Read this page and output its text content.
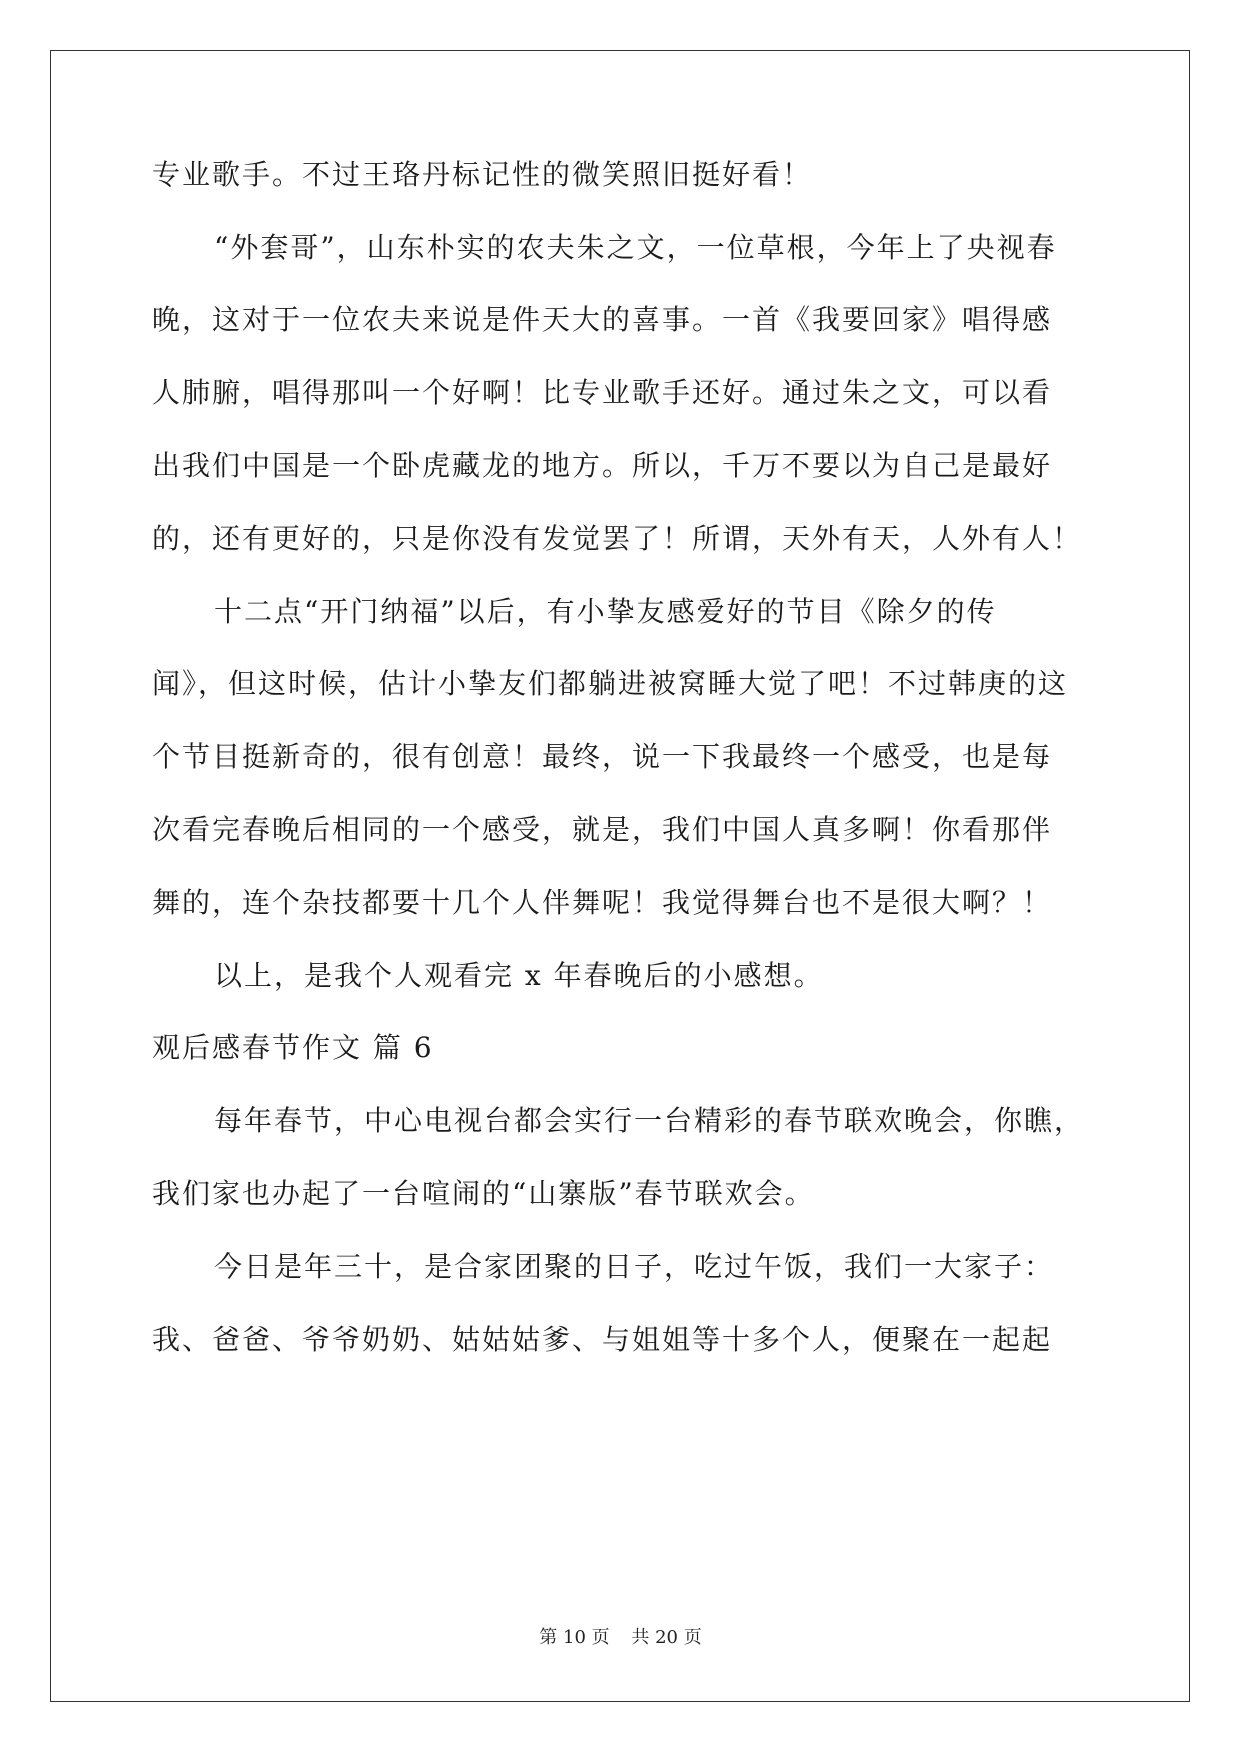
专业歌手。不过王珞丹标记性的微笑照旧挺好看！
“外套哥”，山东朴实的农夫朱之文，一位草根，今年上了央视春
晚，这对于一位农夫来说是件天大的喜事。一首《我要回家》唱得感
人肺腑，唱得那叫一个好啊！比专业歌手还好。通过朱之文，可以看
出我们中国是一个卧虎藏龙的地方。所以，千万不要以为自己是最好
的，还有更好的，只是你没有发觉罢了！所谓，天外有天，人外有人！
十二点“开门纳福”以后，有小挚友感爱好的节目《除夕的传
闻》，但这时候，估计小挚友们都躺进被窝睡大觉了吧！不过韩庚的这
个节目挺新奇的，很有创意！最终，说一下我最终一个感受，也是每
次看完春晚后相同的一个感受，就是，我们中国人真多啊！你看那伴
舞的，连个杂技都要十几个人伴舞呢！我觉得舞台也不是很大啊？！
以上，是我个人观看完 x 年春晚后的小感想。
观后感春节作文 篇 6
每年春节，中心电视台都会实行一台精彩的春节联欢晚会，你瞧，
我们家也办起了一台喧闹的“山寨版”春节联欢会。
今日是年三十，是合家团聚的日子，吃过午饭，我们一大家子：
我、爸爸、爷爷奶奶、姑姑姑爹、与姐姐等十多个人，便聚在一起起
第 10 页 共 20 页
